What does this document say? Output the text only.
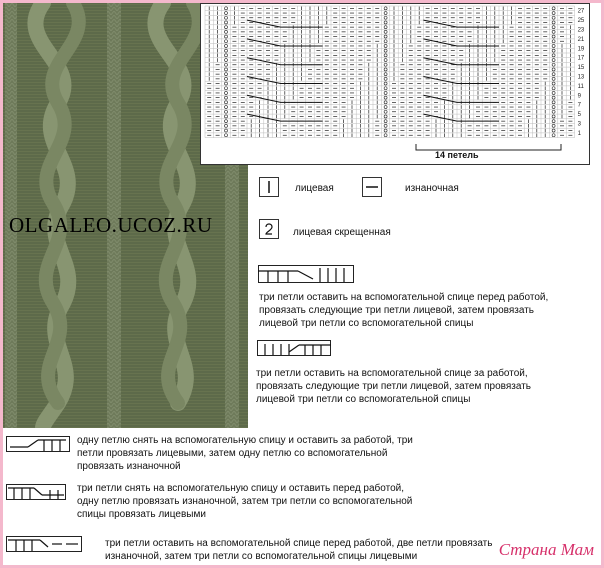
OLGALEO.UCOZ.RU
27
25
23
21
19
17
15
13
11
9
7
5
3
1
14 петель
лицевая	изнаночная
лицевая скрещенная
три петли оставить на вспомогательной спице перед работой, провязать следующие три петли лицевой, затем провязать лицевой три петли со вспомогательной спицы
три петли оставить на вспомогательной спице за работой, провязать следующие три петли лицевой, затем провязать лицевой три петли со вспомогательной спицы
одну петлю снять на вспомогательную спицу и оставить за работой, три петли провязать лицевыми, затем одну петлю со вспомогательной провязать изнаночной
три петли снять на вспомогательную спицу и оставить перед работой, одну петлю провязать изнаночной, затем три петли со вспомогательной спицы провязать лицевыми
три петли оставить на вспомогательной спице перед работой, две петли провязать изнаночной, затем три петли со вспомогательной спицы лицевыми	Страна Мам
